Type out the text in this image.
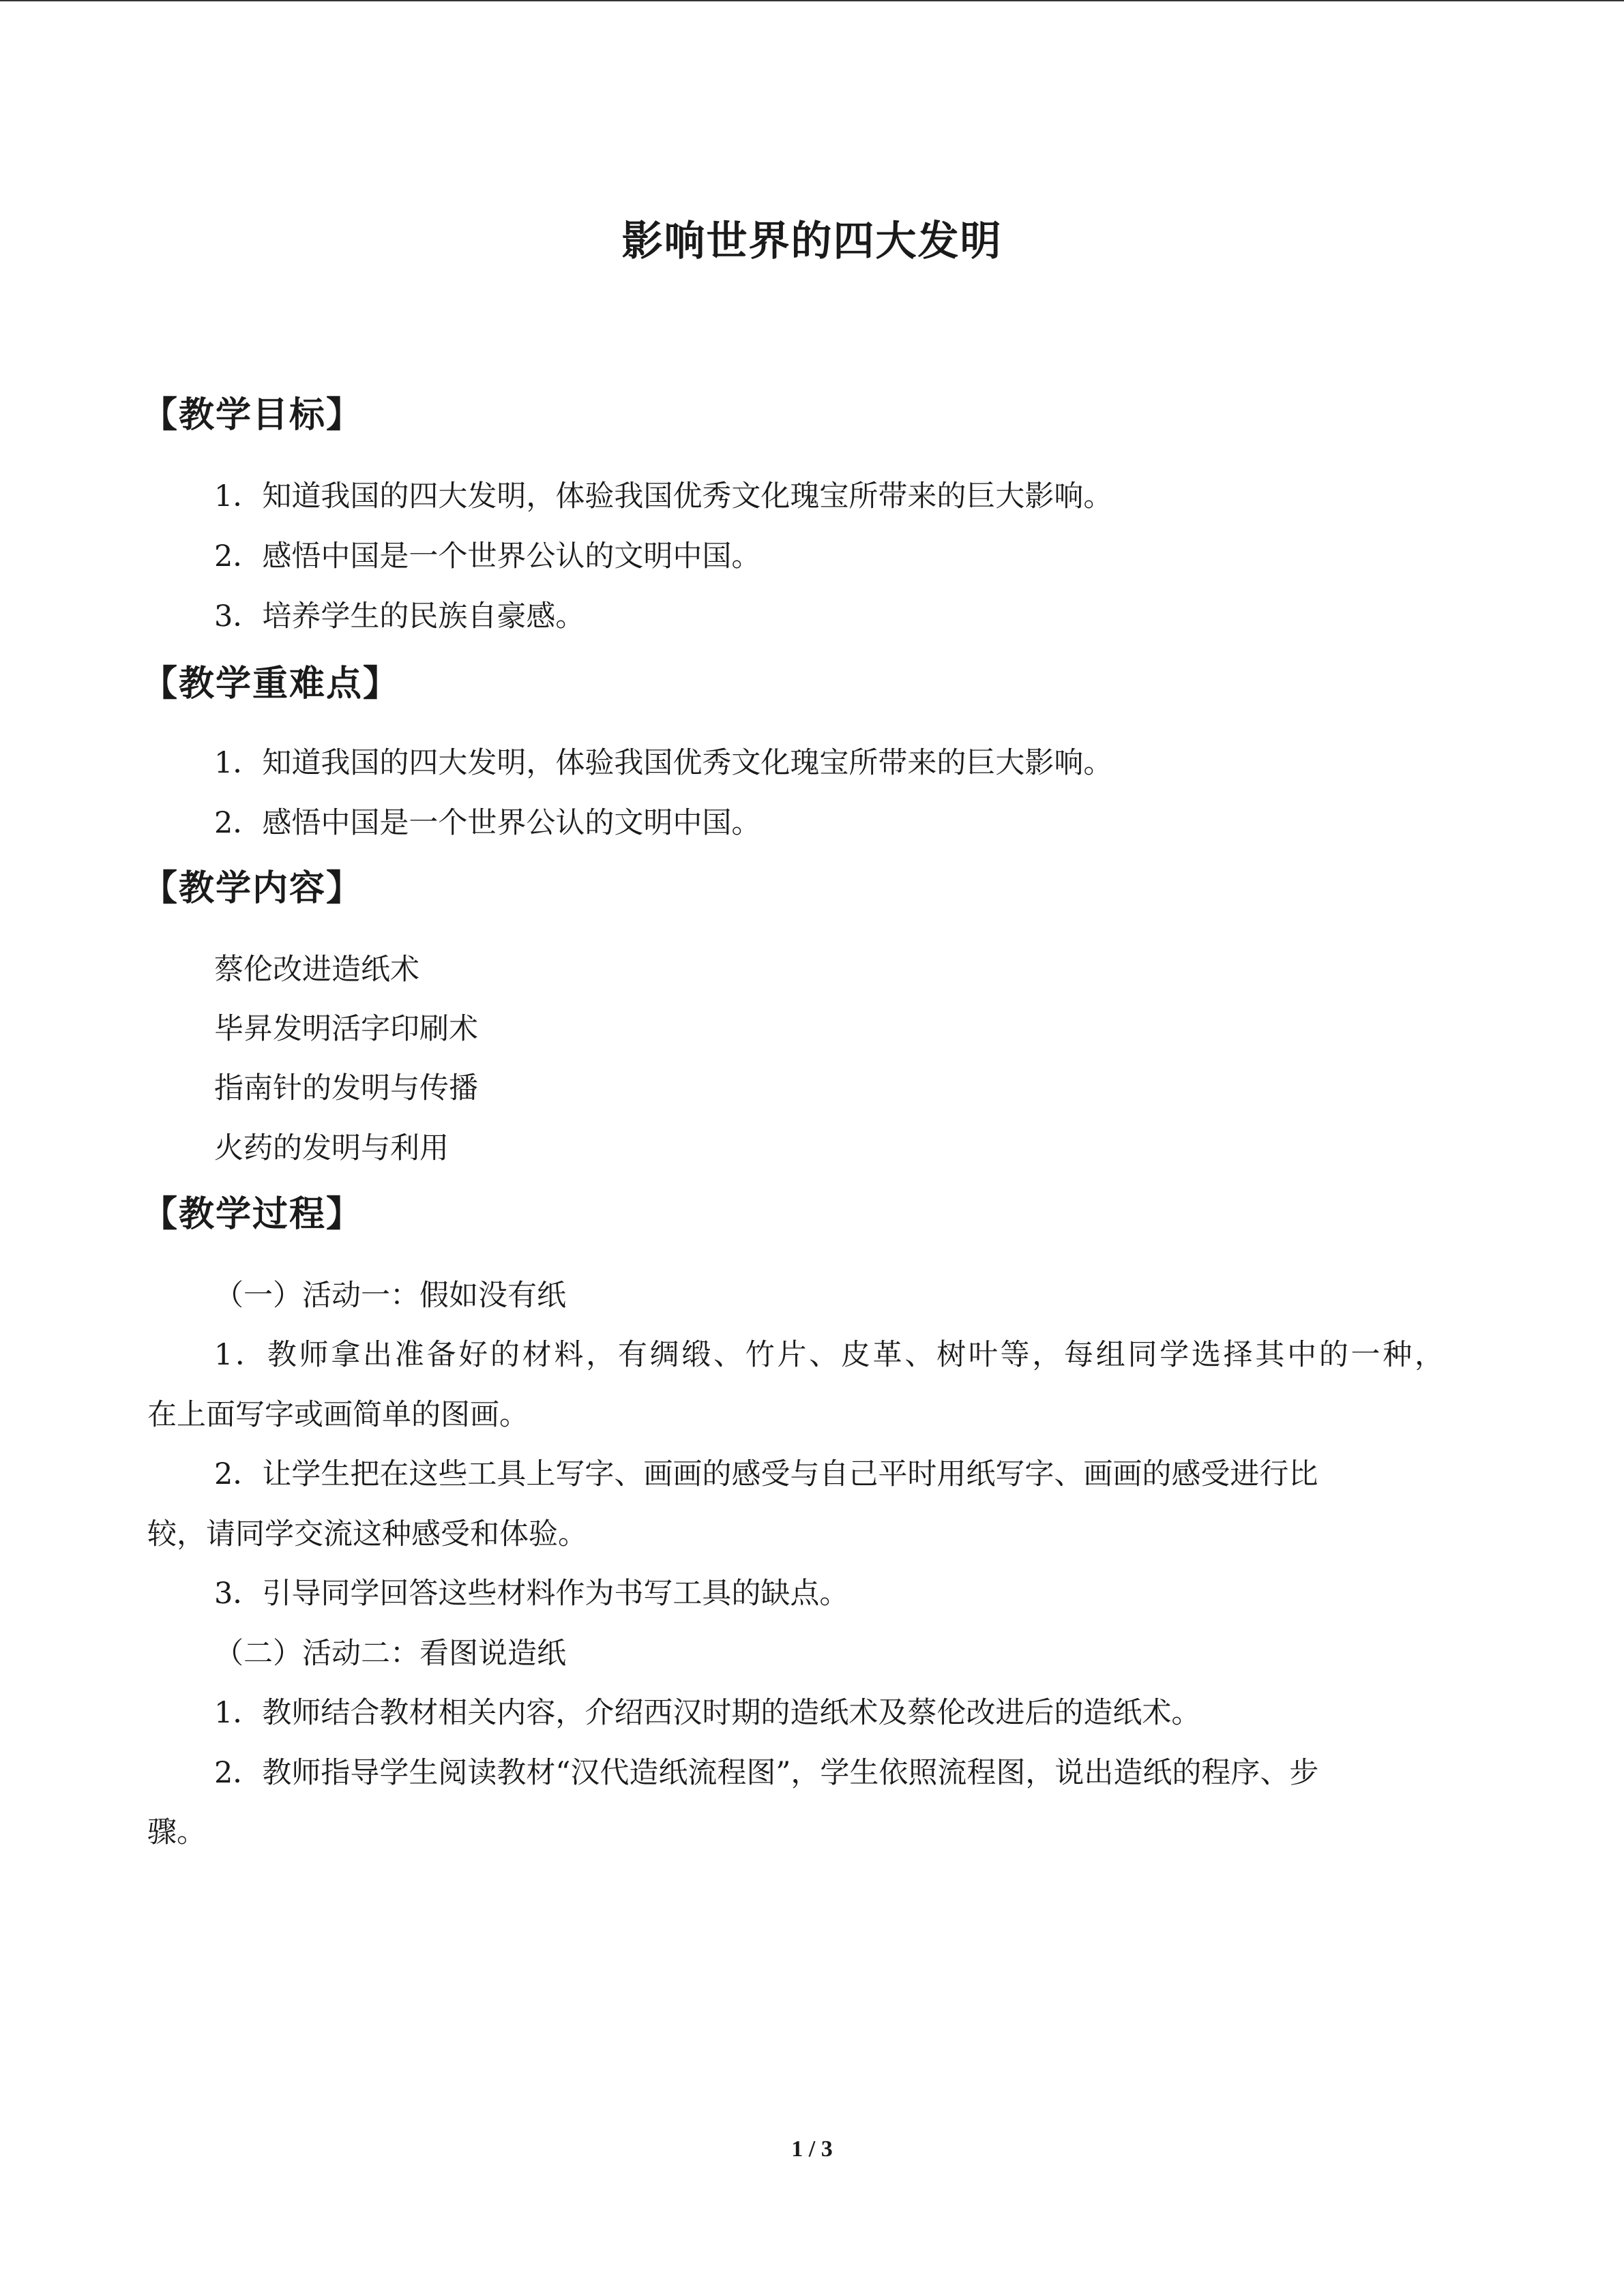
影响世界的四大发明
【教学目标】
1．知道我国的四大发明，体验我国优秀文化瑰宝所带来的巨大影响。
2．感悟中国是一个世界公认的文明中国。
3．培养学生的民族自豪感。
【教学重难点】
1．知道我国的四大发明，体验我国优秀文化瑰宝所带来的巨大影响。
2．感悟中国是一个世界公认的文明中国。
【教学内容】
蔡伦改进造纸术
毕昇发明活字印刷术
指南针的发明与传播
火药的发明与利用
【教学过程】
（一）活动一：假如没有纸
1．教师拿出准备好的材料，有绸缎、竹片、皮革、树叶等，每组同学选择其中的一种，
在上面写字或画简单的图画。
2．让学生把在这些工具上写字、画画的感受与自己平时用纸写字、画画的感受进行比
较，请同学交流这种感受和体验。
3．引导同学回答这些材料作为书写工具的缺点。
（二）活动二：看图说造纸
1．教师结合教材相关内容，介绍西汉时期的造纸术及蔡伦改进后的造纸术。
2．教师指导学生阅读教材“汉代造纸流程图”，学生依照流程图，说出造纸的程序、步
骤。
1 / 3
